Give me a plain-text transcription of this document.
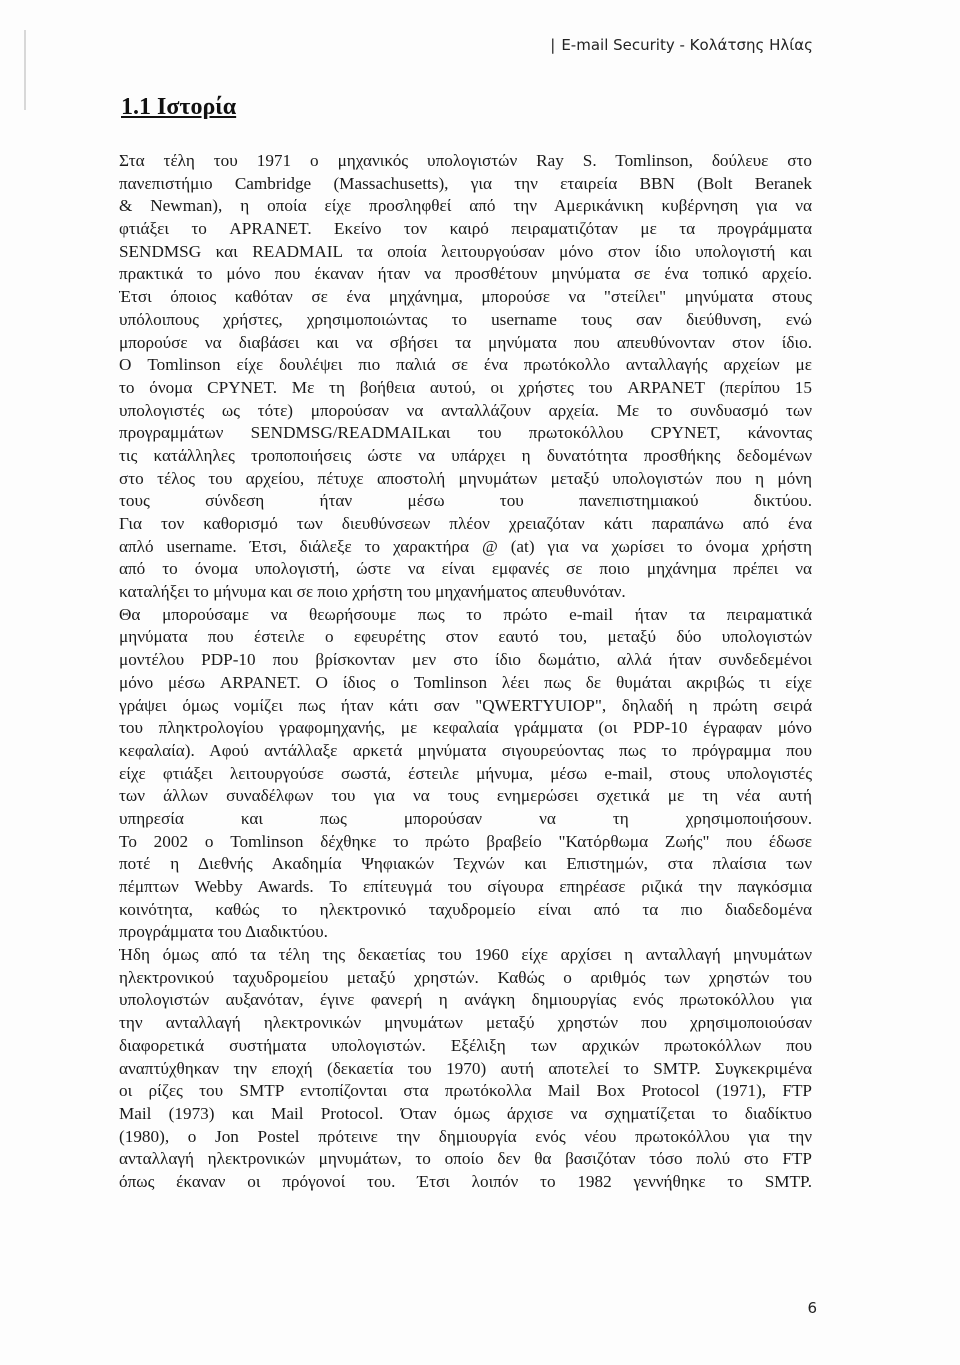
| E-mail Security - Κολάτσης Ηλίας
1.1 Ιστορία
Στα τέλη του 1971 ο μηχανικός υπολογιστών Ray S. Tomlinson, δούλευε στο
πανεπιστήμιο Cambridge (Massachusetts), για την εταιρεία BBN (Bolt Beranek
& Newman), η οποία είχε προσληφθεί από την Αμερικάνικη κυβέρνηση για να
φτιάξει το APRANET. Εκείνο τον καιρό πειραματιζόταν με τα προγράμματα
SENDMSG και READMAIL τα οποία λειτουργούσαν μόνο στον ίδιο υπολογιστή και
πρακτικά το μόνο που έκαναν ήταν να προσθέτουν μηνύματα σε ένα τοπικό αρχείο.
Έτσι όποιος καθόταν σε ένα μηχάνημα, μπορούσε να "στείλει" μηνύματα στους
υπόλοιπους χρήστες, χρησιμοποιώντας το username τους σαν διεύθυνση, ενώ
μπορούσε να διαβάσει και να σβήσει τα μηνύματα που απευθύνονταν στον ίδιο.
Ο Tomlinson είχε δουλέψει πιο παλιά σε ένα πρωτόκολλο ανταλλαγής αρχείων με
το όνομα CPYNET. Με τη βοήθεια αυτού, οι χρήστες του ARPANET (περίπου 15
υπολογιστές ως τότε) μπορούσαν να ανταλλάζουν αρχεία. Με το συνδυασμό των
προγραμμάτων SENDMSG/READMAILκαι του πρωτοκόλλου CPYNET, κάνοντας
τις κατάλληλες τροποποιήσεις ώστε να υπάρχει η δυνατότητα προσθήκης δεδομένων
στο τέλος του αρχείου, πέτυχε αποστολή μηνυμάτων μεταξύ υπολογιστών που η μόνη
τους σύνδεση ήταν μέσω του πανεπιστημιακού δικτύου.
Για τον καθορισμό των διευθύνσεων πλέον χρειαζόταν κάτι παραπάνω από ένα
απλό username. Έτσι, διάλεξε το χαρακτήρα @ (at) για να χωρίσει το όνομα χρήστη
από το όνομα υπολογιστή, ώστε να είναι εμφανές σε ποιο μηχάνημα πρέπει να
καταλήξει το μήνυμα και σε ποιο χρήστη του μηχανήματος απευθυνόταν.
Θα μπορούσαμε να θεωρήσουμε πως το πρώτο e-mail ήταν τα πειραματικά
μηνύματα που έστειλε ο εφευρέτης στον εαυτό του, μεταξύ δύο υπολογιστών
μοντέλου PDP-10 που βρίσκονταν μεν στο ίδιο δωμάτιο, αλλά ήταν συνδεδεμένοι
μόνο μέσω ARPANET. Ο ίδιος ο Tomlinson λέει πως δε θυμάται ακριβώς τι είχε
γράψει όμως νομίζει πως ήταν κάτι σαν "QWERTYUIOP", δηλαδή η πρώτη σειρά
του πληκτρολογίου γραφομηχανής, με κεφαλαία γράμματα (οι PDP-10 έγραφαν μόνο
κεφαλαία). Αφού αντάλλαξε αρκετά μηνύματα σιγουρεύοντας πως το πρόγραμμα που
είχε φτιάξει λειτουργούσε σωστά, έστειλε μήνυμα, μέσω e-mail, στους υπολογιστές
των άλλων συναδέλφων του για να τους ενημερώσει σχετικά με τη νέα αυτή
υπηρεσία και πως μπορούσαν να τη χρησιμοποιήσουν.
Το 2002 ο Tomlinson δέχθηκε το πρώτο βραβείο "Κατόρθωμα Ζωής" που έδωσε
ποτέ η Διεθνής Ακαδημία Ψηφιακών Τεχνών και Επιστημών, στα πλαίσια των
πέμπτων Webby Awards. Το επίτευγμά του σίγουρα επηρέασε ριζικά την παγκόσμια
κοινότητα, καθώς το ηλεκτρονικό ταχυδρομείο είναι από τα πιο διαδεδομένα
προγράμματα του Διαδικτύου.
Ήδη όμως από τα τέλη της δεκαετίας του 1960 είχε αρχίσει η ανταλλαγή μηνυμάτων
ηλεκτρονικού ταχυδρομείου μεταξύ χρηστών. Καθώς ο αριθμός των χρηστών του
υπολογιστών αυξανόταν, έγινε φανερή η ανάγκη δημιουργίας ενός πρωτοκόλλου για
την ανταλλαγή ηλεκτρονικών μηνυμάτων μεταξύ χρηστών που χρησιμοποιούσαν
διαφορετικά συστήματα υπολογιστών. Εξέλιξη των αρχικών πρωτοκόλλων που
αναπτύχθηκαν την εποχή (δεκαετία του 1970) αυτή αποτελεί το SMTP. Συγκεκριμένα
οι ρίζες του SMTP εντοπίζονται στα πρωτόκολλα Mail Box Protocol (1971), FTP
Mail (1973) και Mail Protocol. Όταν όμως άρχισε να σχηματίζεται το διαδίκτυο
(1980), ο Jon Postel πρότεινε την δημιουργία ενός νέου πρωτοκόλλου για την
ανταλλαγή ηλεκτρονικών μηνυμάτων, το οποίο δεν θα βασιζόταν τόσο πολύ στο FTP
όπως έκαναν οι πρόγονοί του. Έτσι λοιπόν το 1982 γεννήθηκε το SMTP.
6
